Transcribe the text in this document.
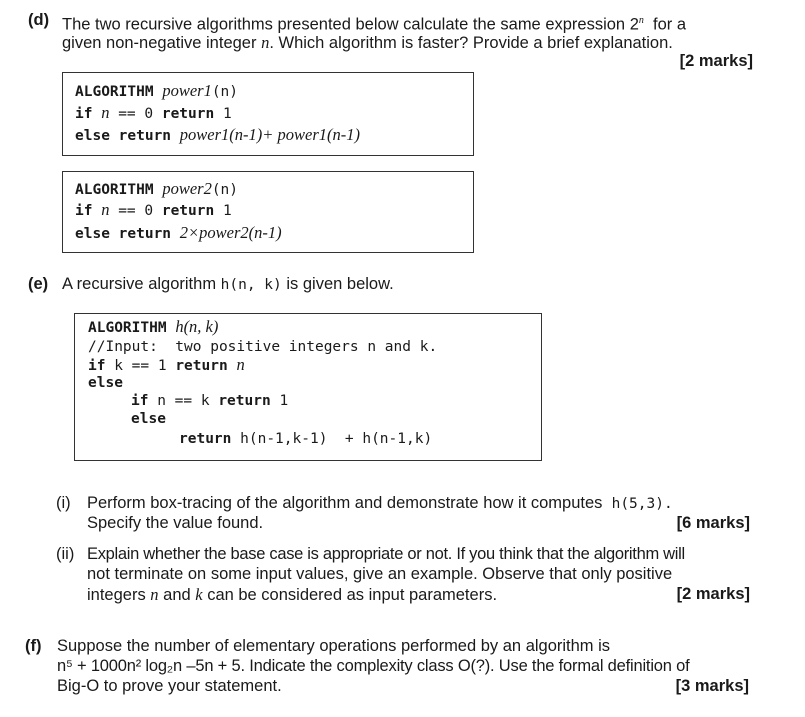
(d) The two recursive algorithms presented below calculate the same expression 2$^n$ for a
given non-negative integer n. Which algorithm is faster? Provide a brief explanation.
[2 marks]
ALGORITHM power1(n)
if n == 0 return 1
else return power1(n-1)+ power1(n-1)
ALGORITHM power2(n)
if n == 0 return 1
else return 2×power2(n-1)
(e) A recursive algorithm h(n, k) is given below.
ALGORITHM h(n, k)
//Input:  two positive integers n and k.
if k == 1 return n
else
if n == k return 1
else
return h(n-1,k-1)  + h(n-1,k)
(i) Perform box-tracing of the algorithm and demonstrate how it computes h(5,3).
Specify the value found.	[6 marks]
(ii) Explain whether the base case is appropriate or not. If you think that the algorithm will
not terminate on some input values, give an example. Observe that only positive
integers n and k can be considered as input parameters.	[2 marks]
(f) Suppose the number of elementary operations performed by an algorithm is
n⁵ + 1000n² log₂n –5n + 5. Indicate the complexity class O(?). Use the formal definition of
Big-O to prove your statement.	[3 marks]
